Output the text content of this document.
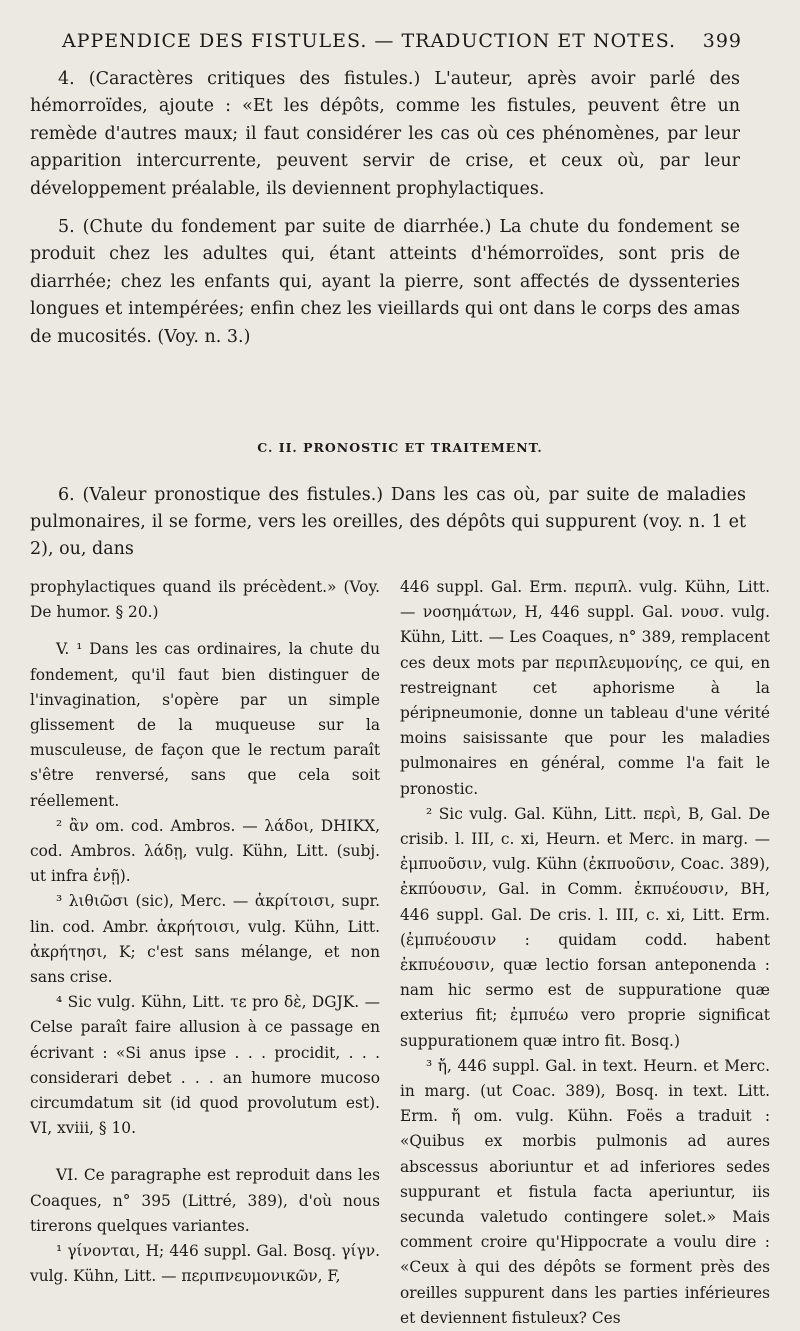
APPENDICE DES FISTULES. — TRADUCTION ET NOTES. 399

4. (Caractères critiques des fistules.) L'auteur, après avoir parlé des hémorroïdes, ajoute : «Et les dépôts, comme les fistules, peuvent être un remède d'autres maux; il faut considérer les cas où ces phénomènes, par leur apparition intercurrente, peuvent servir de crise, et ceux où, par leur développement préalable, ils deviennent prophylactiques.

5. (Chute du fondement par suite de diarrhée.) La chute du fondement se produit chez les adultes qui, étant atteints d'hémorroïdes, sont pris de diarrhée; chez les enfants qui, ayant la pierre, sont affectés de dyssenteries longues et intempérées; enfin chez les vieillards qui ont dans le corps des amas de mucosités. (Voy. n. 3.)

C. II. PRONOSTIC ET TRAITEMENT.

6. (Valeur pronostique des fistules.) Dans les cas où, par suite de maladies pulmonaires, il se forme, vers les oreilles, des dépôts qui suppurent (voy. n. 1 et 2), ou, dans

prophylactiques quand ils précèdent.» (Voy. De humor. § 20.)

V. ¹ Dans les cas ordinaires, la chute du fondement, qu'il faut bien distinguer de l'invagination, s'opère par un simple glissement de la muqueuse sur la musculeuse, de façon que le rectum paraît s'être renversé, sans que cela soit réellement.

² ἂν om. cod. Ambros. — λάδοι, DHIKX, cod. Ambros. λάδῃ, vulg. Kühn, Litt. (subj. ut infra ἐνῇ).

³ λιθιῶσι (sic), Merc. — ἀκρίτοισι, supr. lin. cod. Ambr. ἀκρήτοισι, vulg. Kühn, Litt. ἀκρήτησι, K; c'est sans mélange, et non sans crise.

⁴ Sic vulg. Kühn, Litt. τε pro δὲ, DGJK. — Celse paraît faire allusion à ce passage en écrivant : «Si anus ipse . . . procidit, . . . considerari debet . . . an humore mucoso circumdatum sit (id quod provolutum est). VI, xviii, § 10.

VI. Ce paragraphe est reproduit dans les Coaques, n° 395 (Littré, 389), d'où nous tirerons quelques variantes.

¹ γίνονται, H; 446 suppl. Gal. Bosq. γίγν. vulg. Kühn, Litt. — περιπνευμονικῶν, F,

446 suppl. Gal. Erm. περιπλ. vulg. Kühn, Litt. — νοσημάτων, H, 446 suppl. Gal. νουσ. vulg. Kühn, Litt. — Les Coaques, n° 389, remplacent ces deux mots par περιπλευμονίης, ce qui, en restreignant cet aphorisme à la péripneumonie, donne un tableau d'une vérité moins saisissante que pour les maladies pulmonaires en général, comme l'a fait le pronostic.

² Sic vulg. Gal. Kühn, Litt. περὶ, B, Gal. De crisib. l. III, c. xi, Heurn. et Merc. in marg. — ἐμπυοῦσιν, vulg. Kühn (ἐκπυοῦσιν, Coac. 389), ἐκπύουσιν, Gal. in Comm. ἐκπυέουσιν, BH, 446 suppl. Gal. De cris. l. III, c. xi, Litt. Erm. (ἐμπυέουσιν : quidam codd. habent ἐκπυέουσιν, quæ lectio forsan anteponenda : nam hic sermo est de suppuratione quæ exterius fit; ἐμπυέω vero proprie significat suppurationem quæ intro fit. Bosq.)

³ ἤ, 446 suppl. Gal. in text. Heurn. et Merc. in marg. (ut Coac. 389), Bosq. in text. Litt. Erm. ἤ om. vulg. Kühn. Foës a traduit : «Quibus ex morbis pulmonis ad aures abscessus aboriuntur et ad inferiores sedes suppurant et fistula facta aperiuntur, iis secunda valetudo contingere solet.» Mais comment croire qu'Hippocrate a voulu dire : «Ceux à qui des dépôts se forment près des oreilles suppurent dans les parties inférieures et deviennent fistuleux? Ces
